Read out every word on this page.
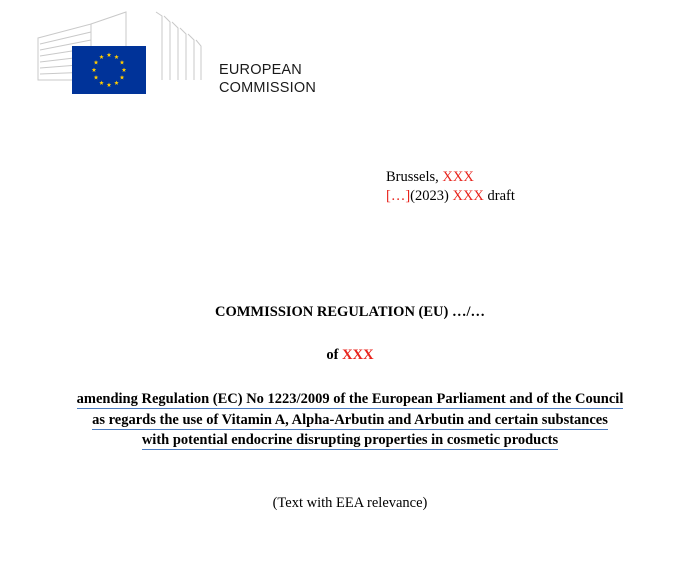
EUROPEAN
COMMISSION
Brussels, XXX
[…](2023) XXX draft
COMMISSION REGULATION (EU) …/…
of XXX
amending Regulation (EC) No 1223/2009 of the European Parliament and of the Council
as regards the use of Vitamin A, Alpha-Arbutin and Arbutin and certain substances
with potential endocrine disrupting properties in cosmetic products
(Text with EEA relevance)
